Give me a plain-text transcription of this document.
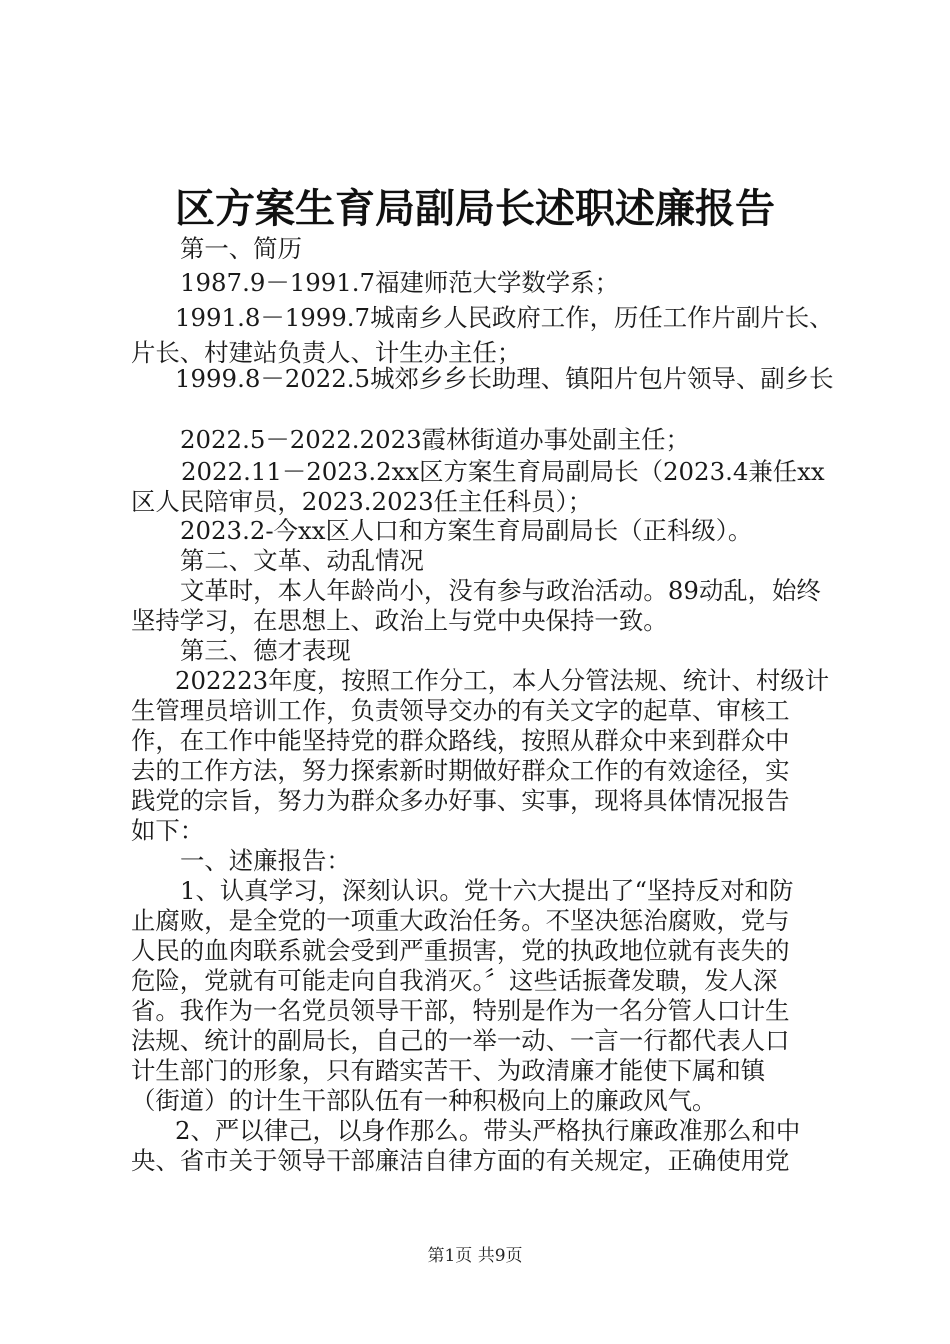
区方案生育局副局长述职述廉报告
第一、简历
1987.9－1991.7福建师范大学数学系；
1991.8－1999.7城南乡人民政府工作，历任工作片副片长、
片长、村建站负责人、计生办主任；
1999.8－2022.5城郊乡乡长助理、镇阳片包片领导、副乡长
2022.5－2022.2023霞林街道办事处副主任；
2022.11－2023.2xx区方案生育局副局长（2023.4兼任xx
区人民陪审员，2023.2023任主任科员）；
2023.2-今xx区人口和方案生育局副局长（正科级）。
第二、文革、动乱情况
文革时，本人年龄尚小，没有参与政治活动。89动乱，始终
坚持学习，在思想上、政治上与党中央保持一致。
第三、德才表现
202223年度，按照工作分工，本人分管法规、统计、村级计
生管理员培训工作，负责领导交办的有关文字的起草、审核工
作，在工作中能坚持党的群众路线，按照从群众中来到群众中
去的工作方法，努力探索新时期做好群众工作的有效途径，实
践党的宗旨，努力为群众多办好事、实事，现将具体情况报告
如下：
一、述廉报告：
1、认真学习，深刻认识。党十六大提出了“坚持反对和防
止腐败，是全党的一项重大政治任务。不坚决惩治腐败，党与
人民的血肉联系就会受到严重损害，党的执政地位就有丧失的
危险，党就有可能走向自我消灭。〞这些话振聋发聩，发人深
省。我作为一名党员领导干部，特别是作为一名分管人口计生
法规、统计的副局长，自己的一举一动、一言一行都代表人口
计生部门的形象，只有踏实苦干、为政清廉才能使下属和镇
（街道）的计生干部队伍有一种积极向上的廉政风气。
2、严以律己，以身作那么。带头严格执行廉政准那么和中
央、省市关于领导干部廉洁自律方面的有关规定，正确使用党
第1页 共9页
